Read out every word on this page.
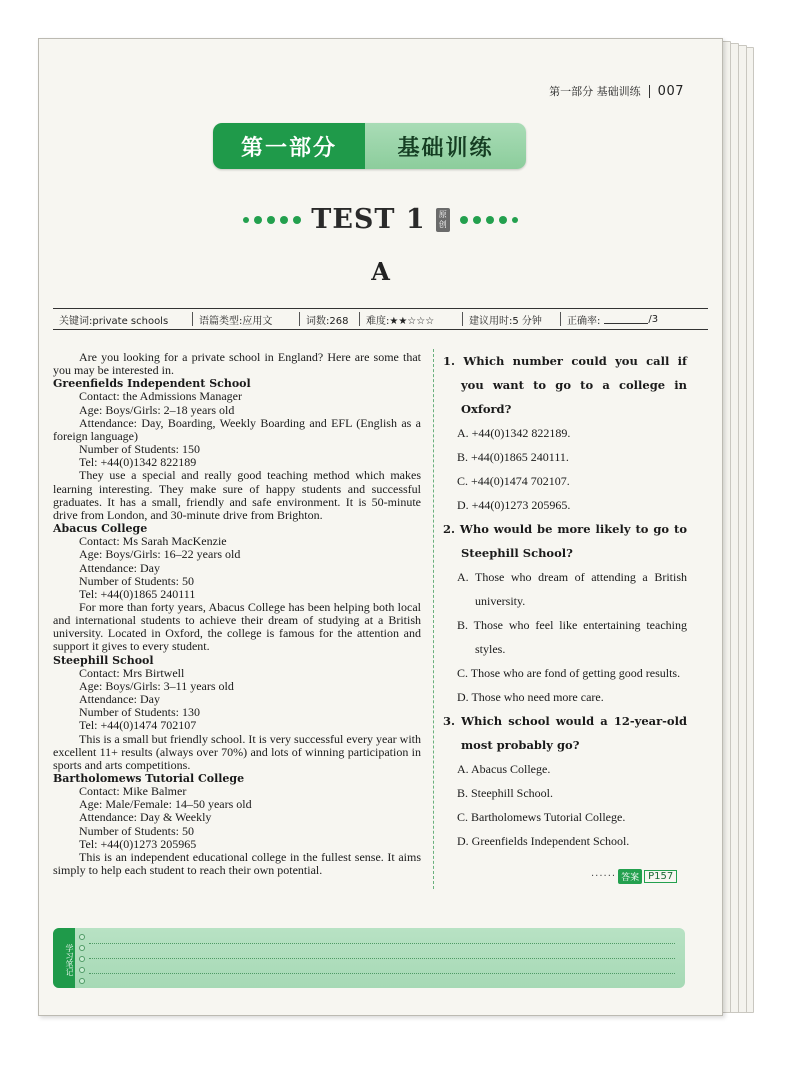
第一部分 基础训练 007
第一部分	基础训练
TEST 1	原创
A
关键词:private schools	语篇类型:应用文	词数:268	难度:★★☆☆☆	建议用时:5 分钟	正确率:	/3
Are you looking for a private school in England? Here are some that you may be interested in.
Greenfields Independent School
Contact: the Admissions Manager
Age: Boys/Girls: 2–18 years old
Attendance: Day, Boarding, Weekly Boarding and EFL (English as a foreign language)
Number of Students: 150
Tel: +44(0)1342 822189
They use a special and really good teaching method which makes learning interesting. They make sure of happy students and successful graduates. It has a small, friendly and safe environment. It is 50-minute drive from London, and 30-minute drive from Brighton.
Abacus College
Contact: Ms Sarah MacKenzie
Age: Boys/Girls: 16–22 years old
Attendance: Day
Number of Students: 50
Tel: +44(0)1865 240111
For more than forty years, Abacus College has been helping both local and international students to achieve their dream of studying at a British university. Located in Oxford, the college is famous for the attention and support it gives to every student.
Steephill School
Contact: Mrs Birtwell
Age: Boys/Girls: 3–11 years old
Attendance: Day
Number of Students: 130
Tel: +44(0)1474 702107
This is a small but friendly school. It is very successful every year with excellent 11+ results (always over 70%) and lots of winning participation in sports and arts competitions.
Bartholomews Tutorial College
Contact: Mike Balmer
Age: Male/Female: 14–50 years old
Attendance: Day & Weekly
Number of Students: 50
Tel: +44(0)1273 205965
This is an independent educational college in the fullest sense. It aims simply to help each student to reach their own potential.
1. Which number could you call if you want to go to a college in Oxford?
A. +44(0)1342 822189.
B. +44(0)1865 240111.
C. +44(0)1474 702107.
D. +44(0)1273 205965.
2. Who would be more likely to go to Steephill School?
A. Those who dream of attending a British university.
B. Those who feel like entertaining teaching styles.
C. Those who are fond of getting good results.
D. Those who need more care.
3. Which school would a 12-year-old most probably go?
A. Abacus College.
B. Steephill School.
C. Bartholomews Tutorial College.
D. Greenfields Independent School.
······ 答案 P157
学习笔记
